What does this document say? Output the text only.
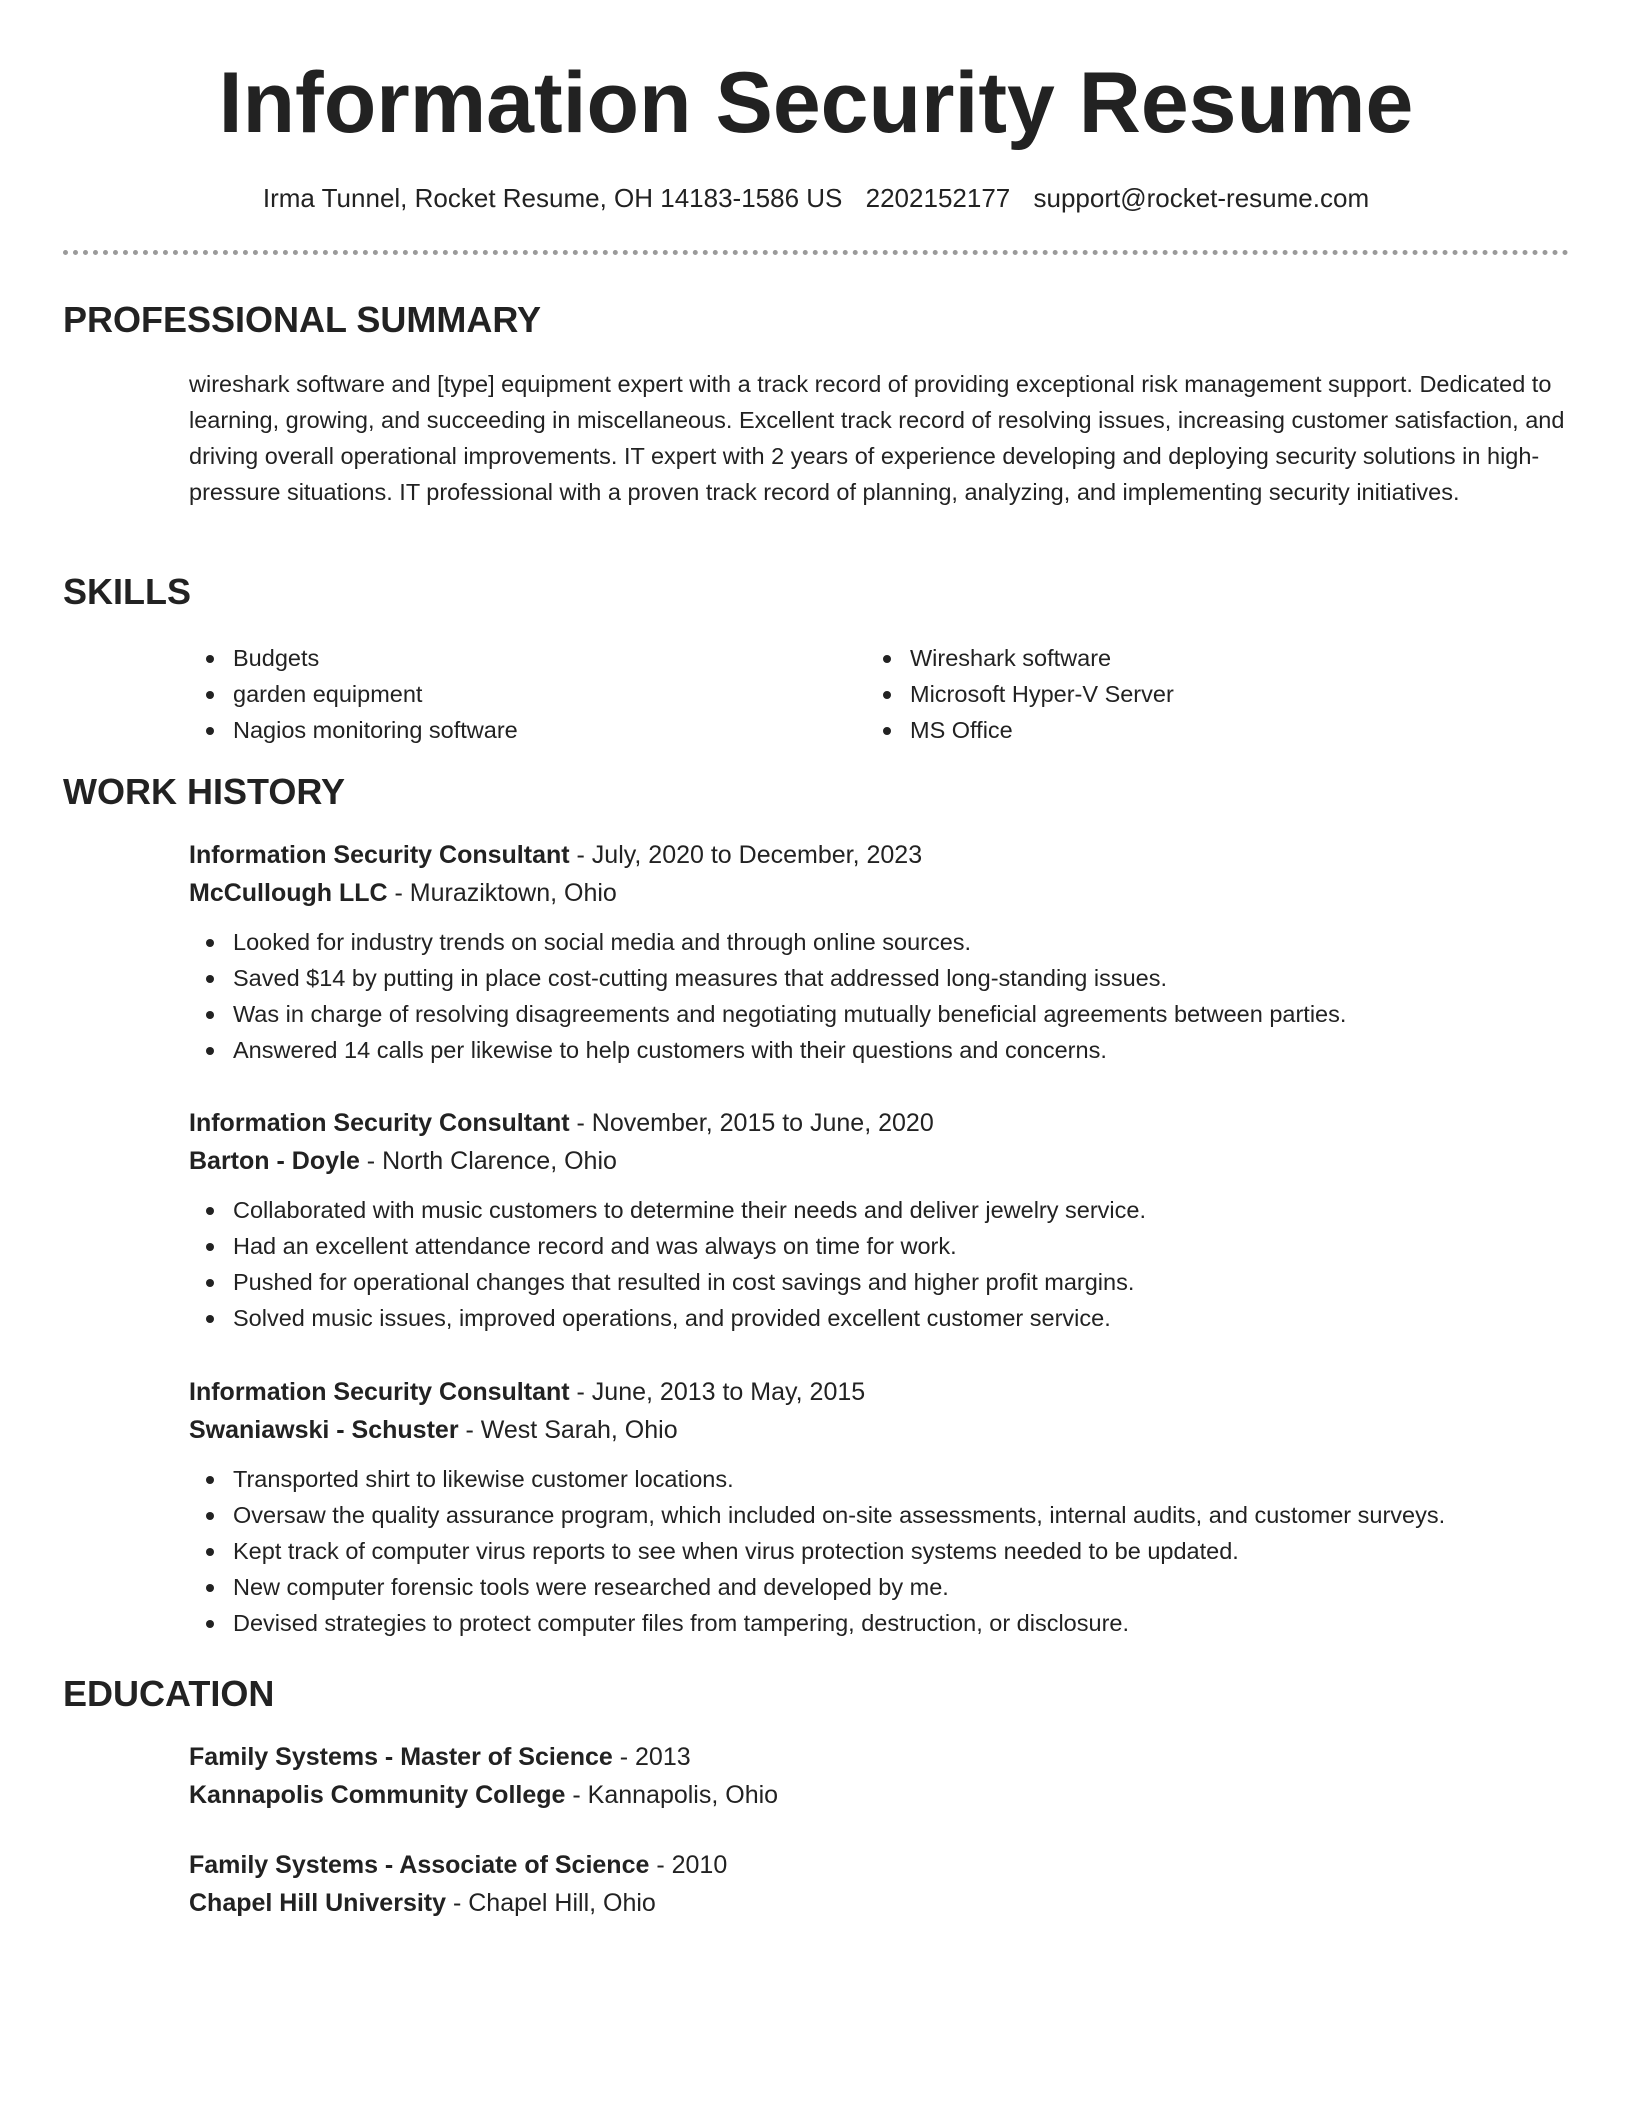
Information Security Resume
Irma Tunnel, Rocket Resume, OH 14183-1586 US 2202152177 support@rocket-resume.com
PROFESSIONAL SUMMARY

wireshark software and [type] equipment expert with a track record of providing exceptional risk management support. Dedicated to learning, growing, and succeeding in miscellaneous. Excellent track record of resolving issues, increasing customer satisfaction, and driving overall operational improvements. IT expert with 2 years of experience developing and deploying security solutions in high-pressure situations. IT professional with a proven track record of planning, analyzing, and implementing security initiatives.

SKILLS
Budgets
garden equipment
Nagios monitoring software
Wireshark software
Microsoft Hyper-V Server
MS Office
WORK HISTORY
Information Security Consultant - July, 2020 to December, 2023
McCullough LLC - Muraziktown, Ohio
Looked for industry trends on social media and through online sources.
Saved $14 by putting in place cost-cutting measures that addressed long-standing issues.
Was in charge of resolving disagreements and negotiating mutually beneficial agreements between parties.
Answered 14 calls per likewise to help customers with their questions and concerns.
Information Security Consultant - November, 2015 to June, 2020
Barton - Doyle - North Clarence, Ohio
Collaborated with music customers to determine their needs and deliver jewelry service.
Had an excellent attendance record and was always on time for work.
Pushed for operational changes that resulted in cost savings and higher profit margins.
Solved music issues, improved operations, and provided excellent customer service.
Information Security Consultant - June, 2013 to May, 2015
Swaniawski - Schuster - West Sarah, Ohio
Transported shirt to likewise customer locations.
Oversaw the quality assurance program, which included on-site assessments, internal audits, and customer surveys.
Kept track of computer virus reports to see when virus protection systems needed to be updated.
New computer forensic tools were researched and developed by me.
Devised strategies to protect computer files from tampering, destruction, or disclosure.
EDUCATION
Family Systems - Master of Science - 2013
Kannapolis Community College - Kannapolis, Ohio
Family Systems - Associate of Science - 2010
Chapel Hill University - Chapel Hill, Ohio
